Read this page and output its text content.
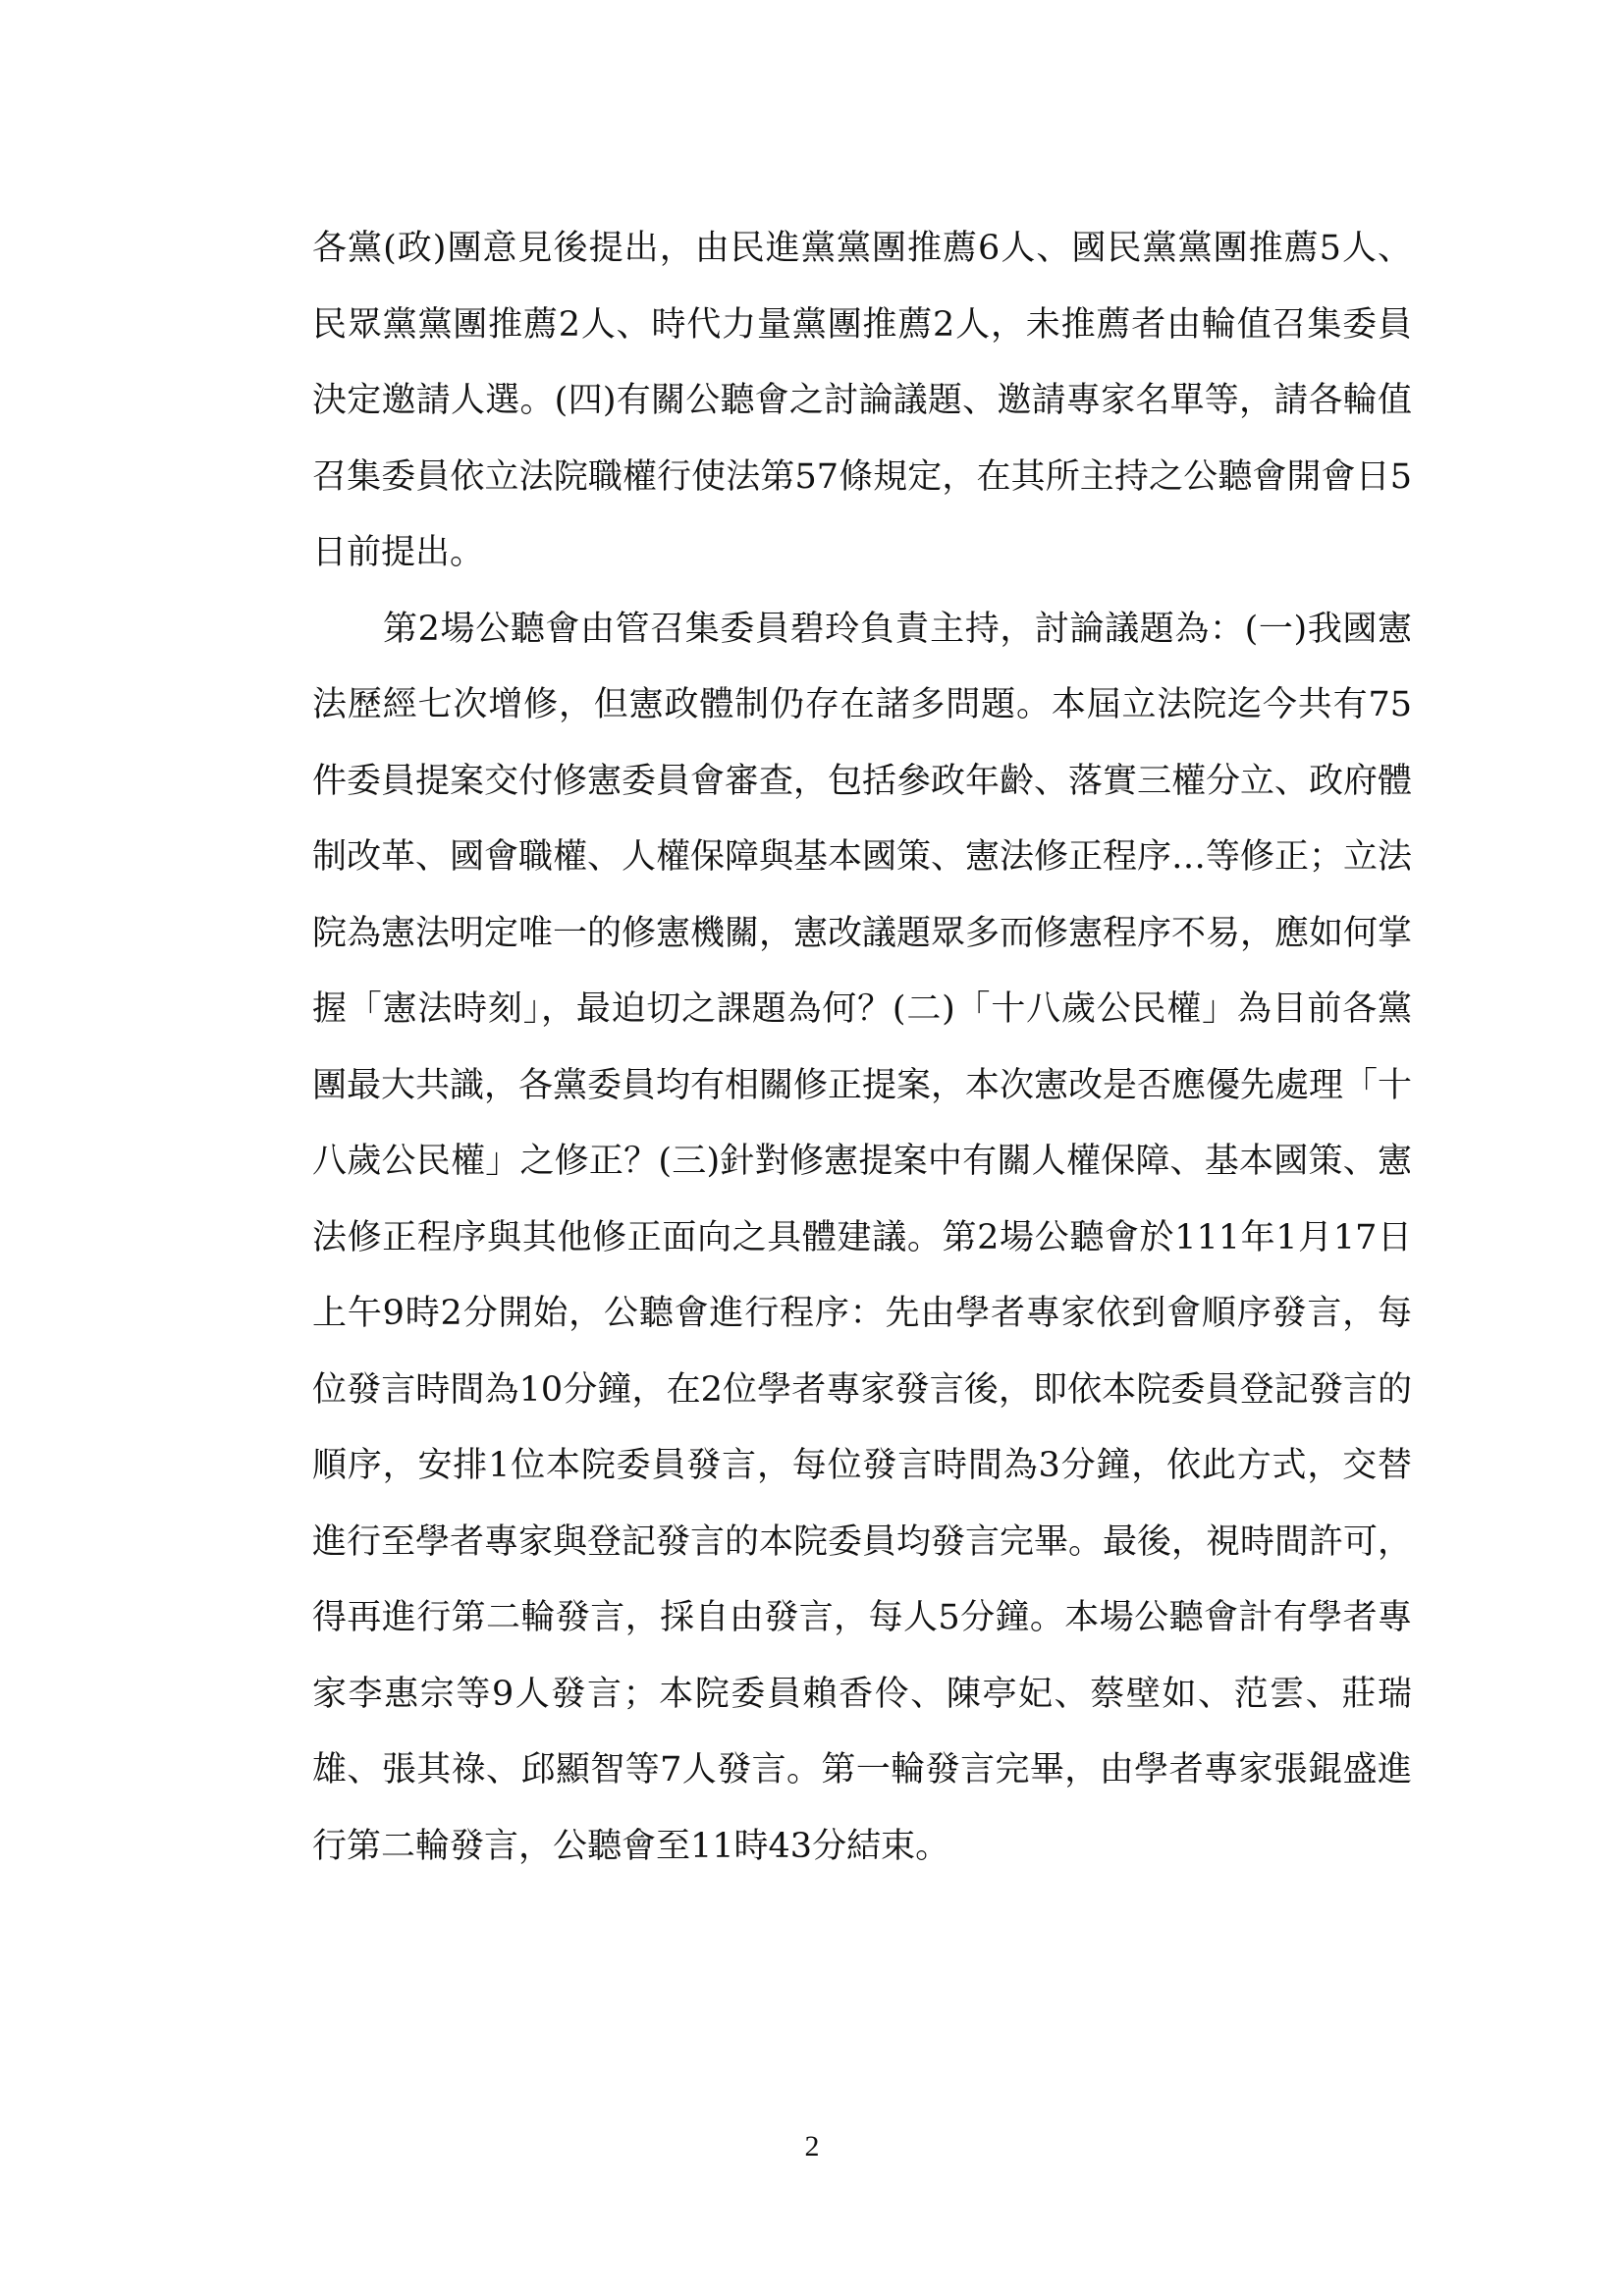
各黨(政)團意見後提出，由民進黨黨團推薦6人、國民黨黨團推薦5人、民眾黨黨團推薦2人、時代力量黨團推薦2人，未推薦者由輪值召集委員決定邀請人選。(四)有關公聽會之討論議題、邀請專家名單等，請各輪值召集委員依立法院職權行使法第57條規定，在其所主持之公聽會開會日5日前提出。

第2場公聽會由管召集委員碧玲負責主持，討論議題為：(一)我國憲法歷經七次增修，但憲政體制仍存在諸多問題。本屆立法院迄今共有75件委員提案交付修憲委員會審查，包括參政年齡、落實三權分立、政府體制改革、國會職權、人權保障與基本國策、憲法修正程序…等修正；立法院為憲法明定唯一的修憲機關，憲改議題眾多而修憲程序不易，應如何掌握「憲法時刻」，最迫切之課題為何？(二)「十八歲公民權」為目前各黨團最大共識，各黨委員均有相關修正提案，本次憲改是否應優先處理「十八歲公民權」之修正？(三)針對修憲提案中有關人權保障、基本國策、憲法修正程序與其他修正面向之具體建議。第2場公聽會於111年1月17日上午9時2分開始，公聽會進行程序：先由學者專家依到會順序發言，每位發言時間為10分鐘，在2位學者專家發言後，即依本院委員登記發言的順序，安排1位本院委員發言，每位發言時間為3分鐘，依此方式，交替進行至學者專家與登記發言的本院委員均發言完畢。最後，視時間許可，得再進行第二輪發言，採自由發言，每人5分鐘。本場公聽會計有學者專家李惠宗等9人發言；本院委員賴香伶、陳亭妃、蔡壁如、范雲、莊瑞雄、張其祿、邱顯智等7人發言。第一輪發言完畢，由學者專家張錕盛進行第二輪發言，公聽會至11時43分結束。

2
